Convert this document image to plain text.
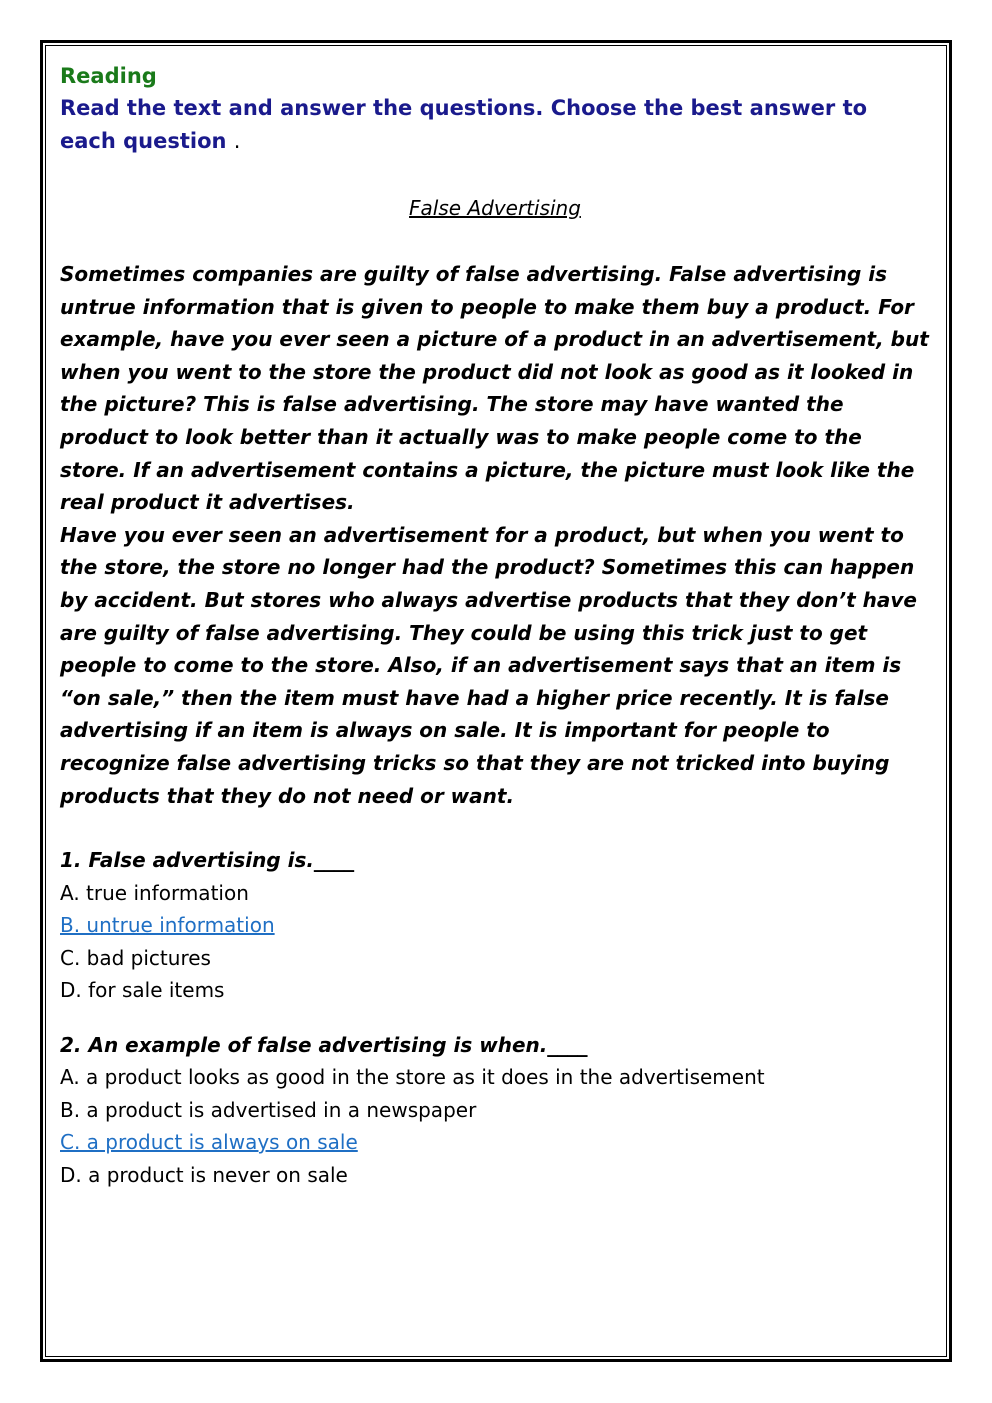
Reading

Read the text and answer the questions. Choose the best answer to each question .

False Advertising

Sometimes companies are guilty of false advertising. False advertising is untrue information that is given to people to make them buy a product. For example, have you ever seen a picture of a product in an advertisement, but when you went to the store the product did not look as good as it looked in the picture? This is false advertising. The store may have wanted the product to look better than it actually was to make people come to the store. If an advertisement contains a picture, the picture must look like the real product it advertises.

Have you ever seen an advertisement for a product, but when you went to the store, the store no longer had the product? Sometimes this can happen by accident. But stores who always advertise products that they don’t have are guilty of false advertising. They could be using this trick just to get people to come to the store. Also, if an advertisement says that an item is “on sale,” then the item must have had a higher price recently. It is false advertising if an item is always on sale. It is important for people to recognize false advertising tricks so that they are not tricked into buying products that they do not need or want.

1. False advertising is.____

A. true information

B. untrue information

C. bad pictures

D. for sale items

2. An example of false advertising is when.____

A. a product looks as good in the store as it does in the advertisement

B. a product is advertised in a newspaper

C. a product is always on sale

D. a product is never on sale
